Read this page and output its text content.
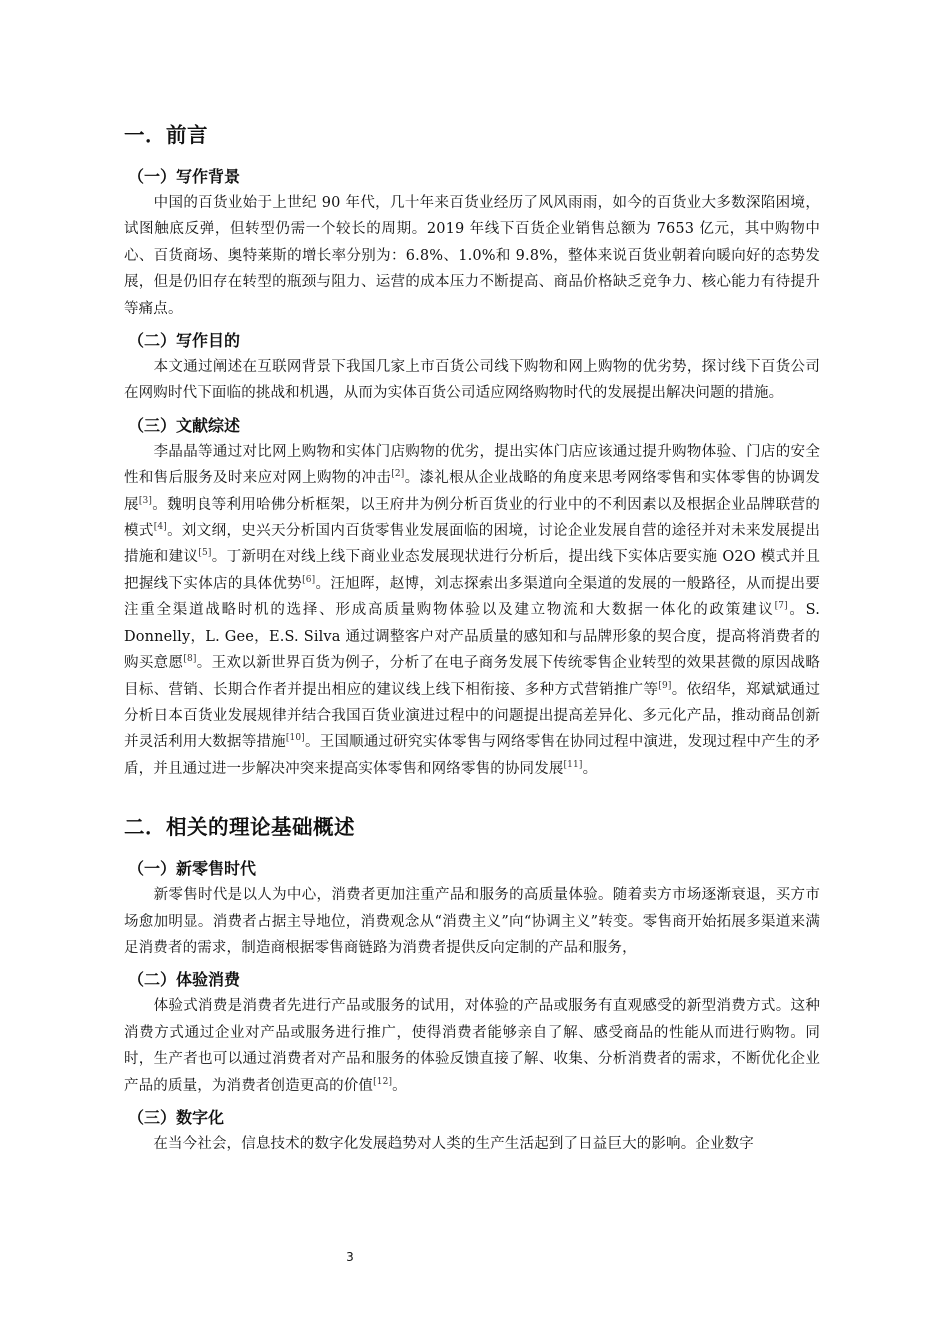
一．前言
（一）写作背景

　　中国的百货业始于上世纪 90 年代，几十年来百货业经历了风风雨雨，如今的百货业大多数深陷困境，试图触底反弹，但转型仍需一个较长的周期。2019 年线下百货企业销售总额为 7653 亿元，其中购物中心、百货商场、奥特莱斯的增长率分别为：6.8%、1.0%和 9.8%，整体来说百货业朝着向暖向好的态势发展，但是仍旧存在转型的瓶颈与阻力、运营的成本压力不断提高、商品价格缺乏竞争力、核心能力有待提升等痛点。

（二）写作目的

　　本文通过阐述在互联网背景下我国几家上市百货公司线下购物和网上购物的优劣势，探讨线下百货公司在网购时代下面临的挑战和机遇，从而为实体百货公司适应网络购物时代的发展提出解决问题的措施。

（三）文献综述

　　李晶晶等通过对比网上购物和实体门店购物的优劣，提出实体门店应该通过提升购物体验、门店的安全性和售后服务及时来应对网上购物的冲击[2]。漆礼根从企业战略的角度来思考网络零售和实体零售的协调发展[3]。魏明良等利用哈佛分析框架，以王府井为例分析百货业的行业中的不利因素以及根据企业品牌联营的模式[4]。刘文纲，史兴天分析国内百货零售业发展面临的困境，讨论企业发展自营的途径并对未来发展提出措施和建议[5]。丁新明在对线上线下商业业态发展现状进行分析后，提出线下实体店要实施 O2O 模式并且把握线下实体店的具体优势[6]。汪旭晖，赵博，刘志探索出多渠道向全渠道的发展的一般路径，从而提出要注重全渠道战略时机的选择、形成高质量购物体验以及建立物流和大数据一体化的政策建议[7]。S. Donnelly，L. Gee，E.S. Silva 通过调整客户对产品质量的感知和与品牌形象的契合度，提高将消费者的购买意愿[8]。王欢以新世界百货为例子，分析了在电子商务发展下传统零售企业转型的效果甚微的原因战略目标、营销、长期合作者并提出相应的建议线上线下相衔接、多种方式营销推广等[9]。依绍华，郑斌斌通过分析日本百货业发展规律并结合我国百货业演进过程中的问题提出提高差异化、多元化产品，推动商品创新并灵活利用大数据等措施[10]。王国顺通过研究实体零售与网络零售在协同过程中演进，发现过程中产生的矛盾，并且通过进一步解决冲突来提高实体零售和网络零售的协同发展[11]。

二．相关的理论基础概述
（一）新零售时代

　　新零售时代是以人为中心，消费者更加注重产品和服务的高质量体验。随着卖方市场逐渐衰退，买方市场愈加明显。消费者占据主导地位，消费观念从“消费主义”向“协调主义”转变。零售商开始拓展多渠道来满足消费者的需求，制造商根据零售商链路为消费者提供反向定制的产品和服务，

（二）体验消费

　　体验式消费是消费者先进行产品或服务的试用，对体验的产品或服务有直观感受的新型消费方式。这种消费方式通过企业对产品或服务进行推广，使得消费者能够亲自了解、感受商品的性能从而进行购物。同时，生产者也可以通过消费者对产品和服务的体验反馈直接了解、收集、分析消费者的需求，不断优化企业产品的质量，为消费者创造更高的价值[12]。

（三）数字化

　　在当今社会，信息技术的数字化发展趋势对人类的生产生活起到了日益巨大的影响。企业数字

3
